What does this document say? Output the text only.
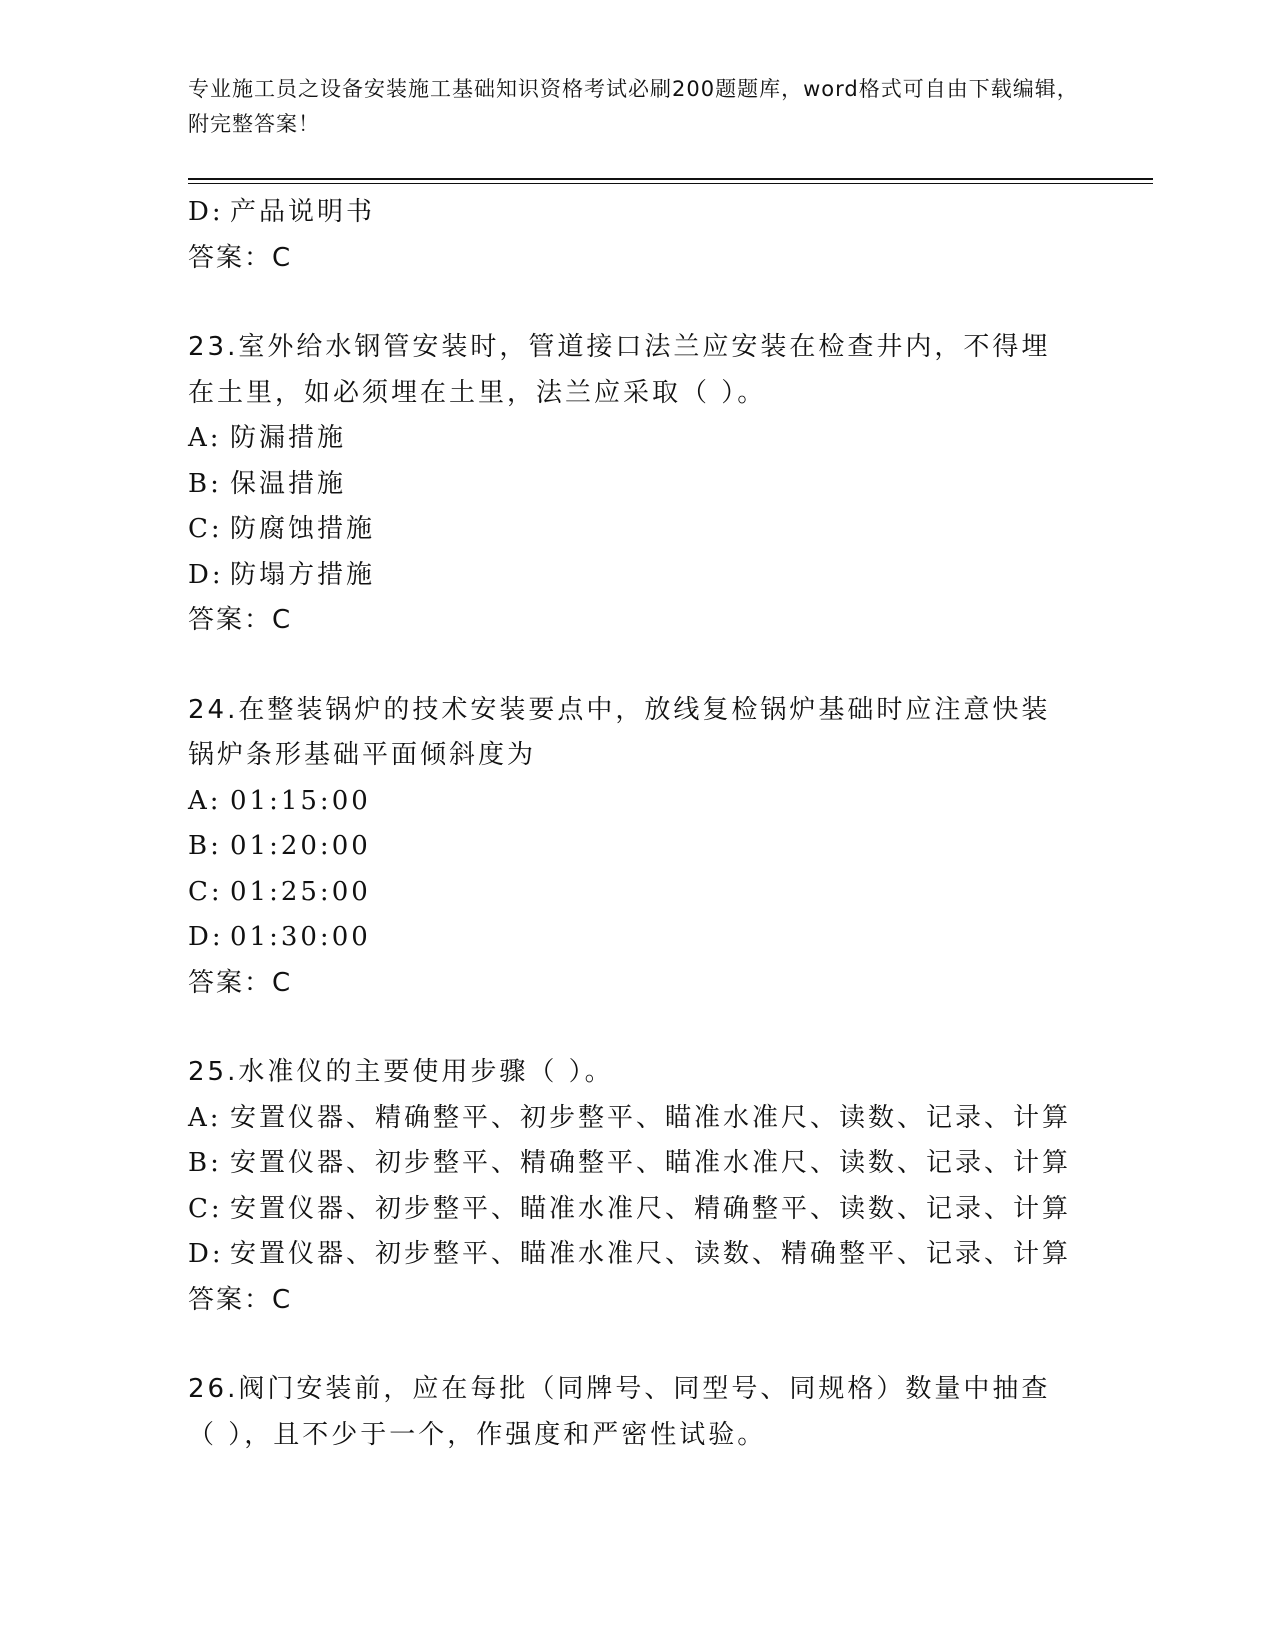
专业施工员之设备安装施工基础知识资格考试必刷200题题库，word格式可自由下载编辑，附完整答案！
D: 产品说明书
答案：C
23.室外给水钢管安装时，管道接口法兰应安装在检查井内，不得埋在土里，如必须埋在土里，法兰应采取（ ）。
A: 防漏措施
B: 保温措施
C: 防腐蚀措施
D: 防塌方措施
答案：C
24.在整装锅炉的技术安装要点中，放线复检锅炉基础时应注意快装锅炉条形基础平面倾斜度为
A: 01:15:00
B: 01:20:00
C: 01:25:00
D: 01:30:00
答案：C
25.水准仪的主要使用步骤（ ）。
A: 安置仪器、精确整平、初步整平、瞄准水准尺、读数、记录、计算
B: 安置仪器、初步整平、精确整平、瞄准水准尺、读数、记录、计算
C: 安置仪器、初步整平、瞄准水准尺、精确整平、读数、记录、计算
D: 安置仪器、初步整平、瞄准水准尺、读数、精确整平、记录、计算
答案：C
26.阀门安装前，应在每批（同牌号、同型号、同规格）数量中抽查（ ），且不少于一个，作强度和严密性试验。
